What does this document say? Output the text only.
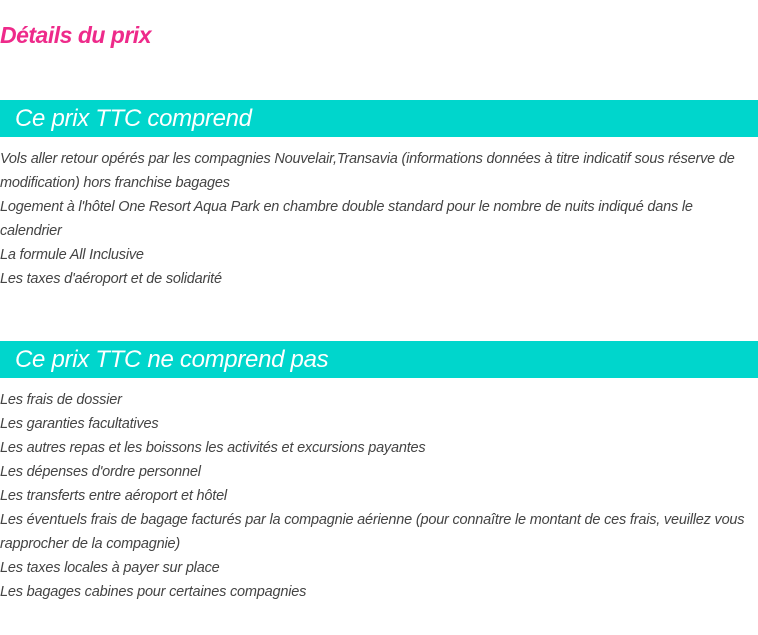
Détails du prix
Ce prix TTC comprend
Vols aller retour opérés par les compagnies Nouvelair,Transavia (informations données à titre indicatif sous réserve de modification) hors franchise bagages
Logement à l'hôtel One Resort Aqua Park en chambre double standard pour le nombre de nuits indiqué dans le calendrier
La formule All Inclusive
Les taxes d'aéroport et de solidarité
Ce prix TTC ne comprend pas
Les frais de dossier
Les garanties facultatives
Les autres repas et les boissons les activités et excursions payantes
Les dépenses d'ordre personnel
Les transferts entre aéroport et hôtel
Les éventuels frais de bagage facturés par la compagnie aérienne (pour connaître le montant de ces frais, veuillez vous rapprocher de la compagnie)
Les taxes locales à payer sur place
Les bagages cabines pour certaines compagnies
